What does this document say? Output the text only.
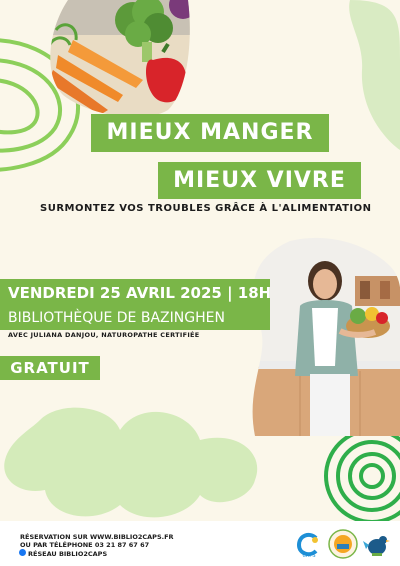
MIEUX MANGER
MIEUX VIVRE
SURMONTEZ VOS TROUBLES GRÂCE À L'ALIMENTATION
VENDREDI 25 AVRIL 2025 | 18H
BIBLIOTHÈQUE DE BAZINGHEN
AVEC JULIANA DANJOU, NATUROPATHE CERTIFIÉE
GRATUIT
RÉSERVATION SUR WWW.BIBLIO2CAPS.FR
OU PAR TÉLÉPHONE 03 21 87 67 67
RÉSEAU BIBLIO2CAPS	CAPS
